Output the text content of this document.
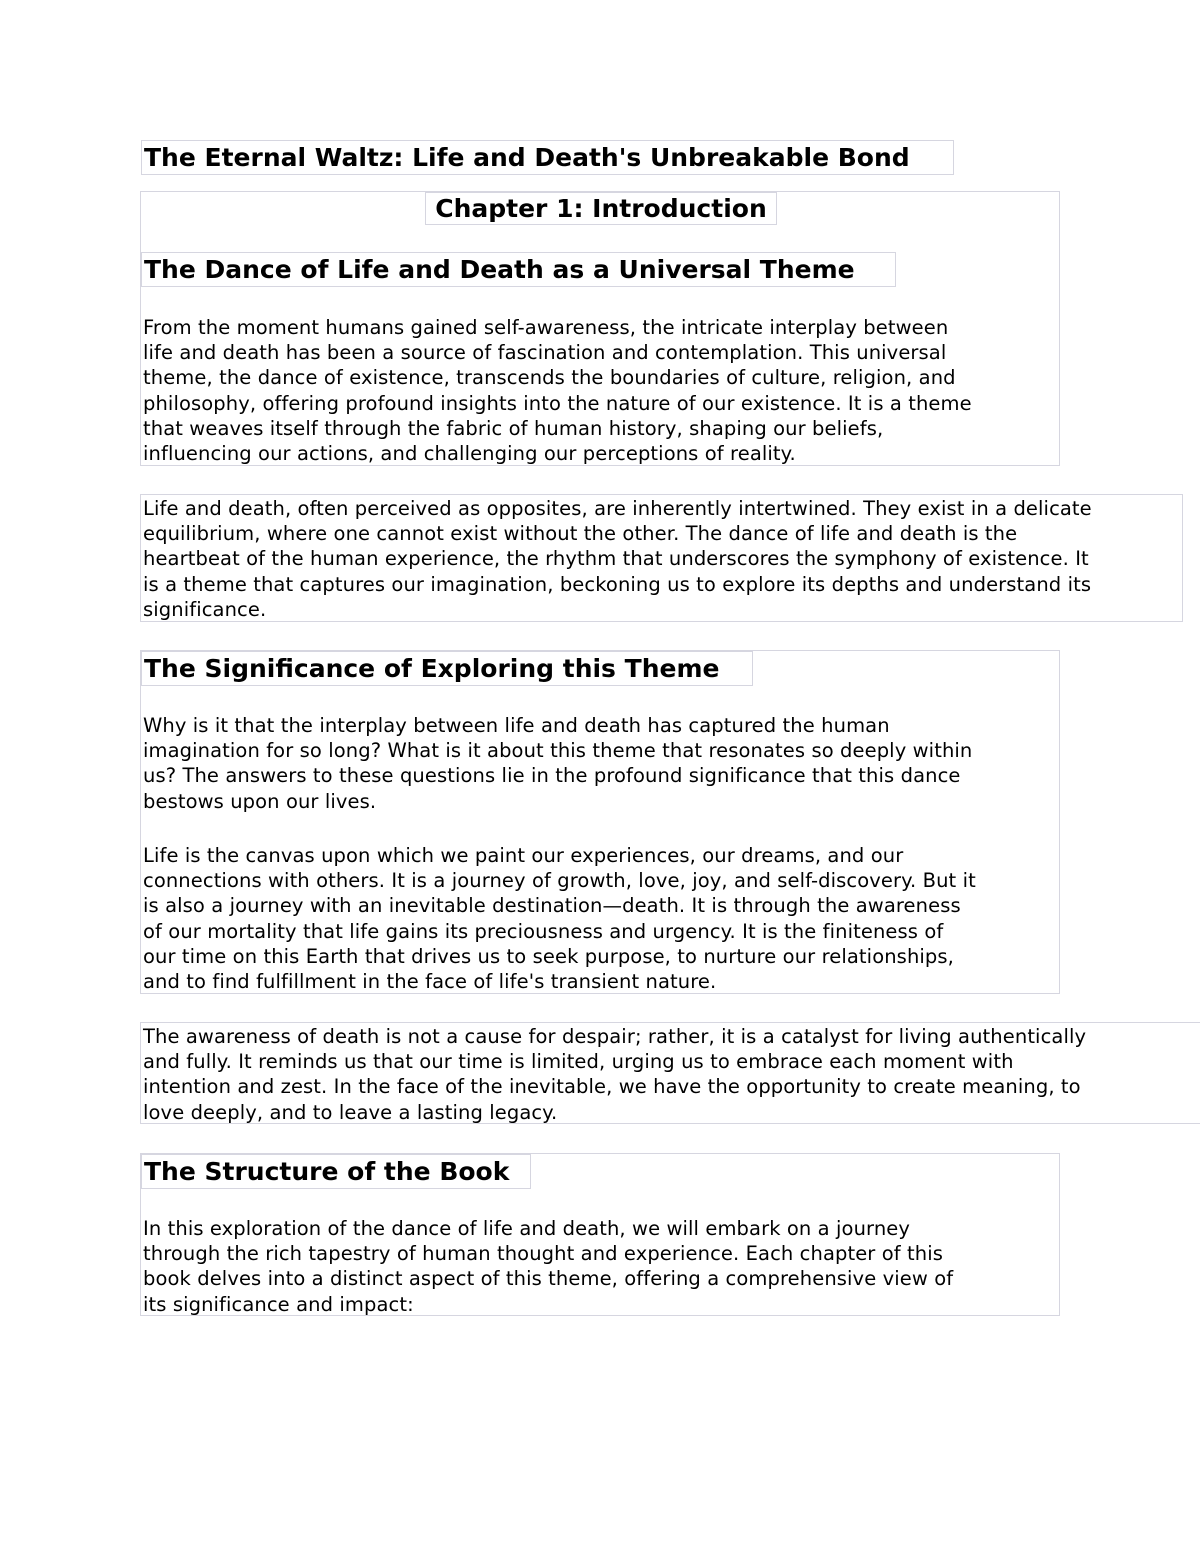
The Eternal Waltz: Life and Death's Unbreakable Bond
Chapter 1: Introduction
The Dance of Life and Death as a Universal Theme
From the moment humans gained self-awareness, the intricate interplay between
life and death has been a source of fascination and contemplation. This universal
theme, the dance of existence, transcends the boundaries of culture, religion, and
philosophy, offering profound insights into the nature of our existence. It is a theme
that weaves itself through the fabric of human history, shaping our beliefs,
influencing our actions, and challenging our perceptions of reality.
Life and death, often perceived as opposites, are inherently intertwined. They exist in a delicate
equilibrium, where one cannot exist without the other. The dance of life and death is the
heartbeat of the human experience, the rhythm that underscores the symphony of existence. It
is a theme that captures our imagination, beckoning us to explore its depths and understand its
significance.
The Significance of Exploring this Theme
Why is it that the interplay between life and death has captured the human
imagination for so long? What is it about this theme that resonates so deeply within
us? The answers to these questions lie in the profound significance that this dance
bestows upon our lives.
Life is the canvas upon which we paint our experiences, our dreams, and our
connections with others. It is a journey of growth, love, joy, and self-discovery. But it
is also a journey with an inevitable destination—death. It is through the awareness
of our mortality that life gains its preciousness and urgency. It is the finiteness of
our time on this Earth that drives us to seek purpose, to nurture our relationships,
and to find fulfillment in the face of life's transient nature.
The awareness of death is not a cause for despair; rather, it is a catalyst for living authentically
and fully. It reminds us that our time is limited, urging us to embrace each moment with
intention and zest. In the face of the inevitable, we have the opportunity to create meaning, to
love deeply, and to leave a lasting legacy.
The Structure of the Book
In this exploration of the dance of life and death, we will embark on a journey
through the rich tapestry of human thought and experience. Each chapter of this
book delves into a distinct aspect of this theme, offering a comprehensive view of
its significance and impact:
